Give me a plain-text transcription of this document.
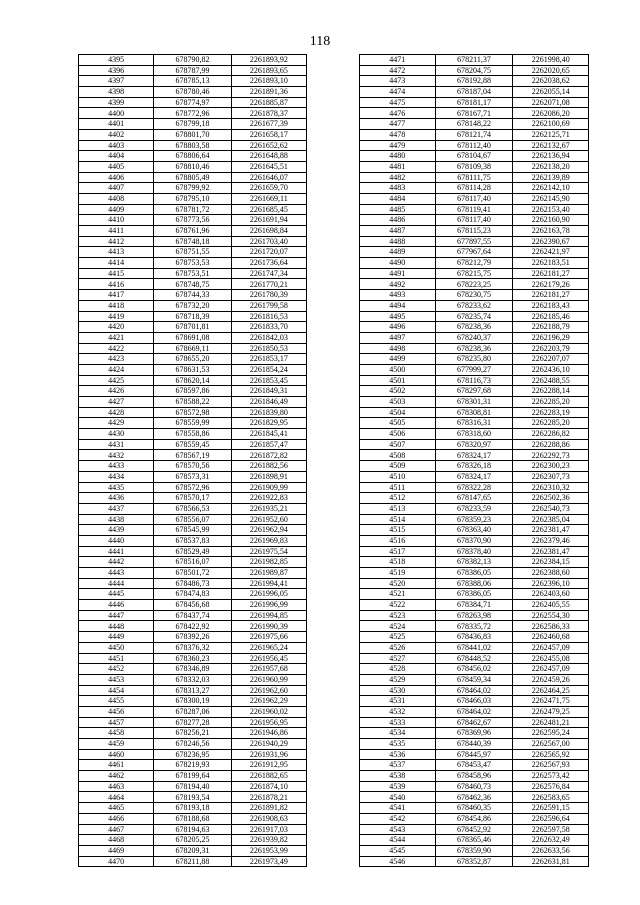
118
4395	678790,82	2261893,92
4396	678787,99	2261893,65
4397	678785,13	2261893,10
4398	678780,46	2261891,36
4399	678774,97	2261885,87
4400	678772,96	2261878,37
4401	678799,18	2261677,39
4402	678801,70	2261658,17
4403	678803,58	2261652,62
4404	678806,64	2261648,88
4405	678810,46	2261645,51
4406	678805,49	2261646,07
4407	678799,92	2261659,70
4408	678795,10	2261669,11
4409	678781,72	2261685,45
4410	678773,56	2261691,94
4411	678761,96	2261698,84
4412	678748,18	2261703,40
4413	678751,55	2261720,07
4414	678753,53	2261736,64
4415	678753,51	2261747,34
4416	678748,75	2261770,21
4417	678744,33	2261780,39
4418	678732,20	2261799,58
4419	678718,39	2261816,53
4420	678701,81	2261833,70
4421	678691,08	2261842,03
4422	678669,11	2261850,53
4423	678655,20	2261853,17
4424	678631,53	2261854,24
4425	678620,14	2261853,45
4426	678597,86	2261849,31
4427	678588,22	2261846,49
4428	678572,98	2261839,80
4429	678559,99	2261829,95
4430	678558,86	2261845,41
4431	678559,45	2261857,47
4432	678567,19	2261872,82
4433	678570,56	2261882,56
4434	678573,31	2261898,91
4435	678572,96	2261909,99
4436	678570,17	2261922,83
4437	678566,53	2261935,21
4438	678556,07	2261952,60
4439	678545,99	2261962,94
4440	678537,83	2261969,83
4441	678529,49	2261975,54
4442	678516,07	2261982,85
4443	678501,72	2261989,87
4444	678486,73	2261994,41
4445	678474,83	2261996,05
4446	678456,68	2261996,99
4447	678437,74	2261994,85
4448	678422,92	2261990,39
4449	678392,26	2261975,66
4450	678376,32	2261965,24
4451	678360,23	2261956,45
4452	678346,89	2261957,68
4453	678332,03	2261960,99
4454	678313,27	2261962,60
4455	678300,19	2261962,29
4456	678287,06	2261960,02
4457	678277,28	2261956,95
4458	678256,21	2261946,86
4459	678246,56	2261940,29
4460	678236,95	2261931,96
4461	678219,93	2261912,95
4462	678199,64	2261882,65
4463	678194,40	2261874,10
4464	678193,54	2261878,21
4465	678193,18	2261891,82
4466	678188,68	2261908,63
4467	678194,63	2261917,03
4468	678205,25	2261939,82
4469	678209,31	2261953,99
4470	678211,88	2261973,49
4471	678211,37	2261998,40
4472	678204,75	2262020,65
4473	678192,88	2262038,62
4474	678187,04	2262055,14
4475	678181,17	2262071,08
4476	678167,71	2262086,20
4477	678148,22	2262100,69
4478	678121,74	2262125,71
4479	678112,40	2262132,67
4480	678104,67	2262136,94
4481	678109,38	2262138,20
4482	678111,75	2262139,89
4483	678114,28	2262142,10
4484	678117,40	2262145,90
4485	678119,41	2262153,40
4486	678117,40	2262160,90
4487	678115,23	2262163,78
4488	677897,55	2262390,67
4489	677967,64	2262421,97
4490	678212,79	2262183,51
4491	678215,75	2262181,27
4492	678223,25	2262179,26
4493	678230,75	2262181,27
4494	678233,62	2262183,43
4495	678235,74	2262185,46
4496	678238,36	2262188,79
4497	678240,37	2262196,29
4498	678238,36	2262203,79
4499	678235,80	2262207,07
4500	677999,27	2262436,10
4501	678116,73	2262488,55
4502	678297,68	2262288,14
4503	678301,31	2262285,20
4504	678308,81	2262283,19
4505	678316,31	2262285,20
4506	678318,60	2262286,82
4507	678320,97	2262288,86
4508	678324,17	2262292,73
4509	678326,18	2262300,23
4510	678324,17	2262307,73
4511	678322,28	2262310,32
4512	678147,65	2262502,36
4513	678233,59	2262540,73
4514	678359,23	2262385,04
4515	678363,40	2262381,47
4516	678370,90	2262379,46
4517	678378,40	2262381,47
4518	678382,13	2262384,15
4519	678386,05	2262388,60
4520	678388,06	2262396,10
4521	678386,05	2262403,60
4522	678384,71	2262405,55
4523	678263,98	2262554,30
4524	678335,72	2262586,33
4525	678436,83	2262460,68
4526	678441,02	2262457,09
4527	678448,52	2262455,08
4528	678456,02	2262457,09
4529	678459,34	2262459,26
4530	678464,02	2262464,25
4531	678466,03	2262471,75
4532	678464,02	2262479,25
4533	678462,67	2262481,21
4534	678369,96	2262595,24
4535	678440,39	2262567,00
4536	678445,97	2262565,92
4537	678453,47	2262567,93
4538	678458,96	2262573,42
4539	678460,73	2262576,84
4540	678462,36	2262583,65
4541	678460,35	2262591,15
4542	678454,86	2262596,64
4543	678452,92	2262597,58
4544	678365,46	2262632,49
4545	678359,90	2262633,56
4546	678352,87	2262631,81
